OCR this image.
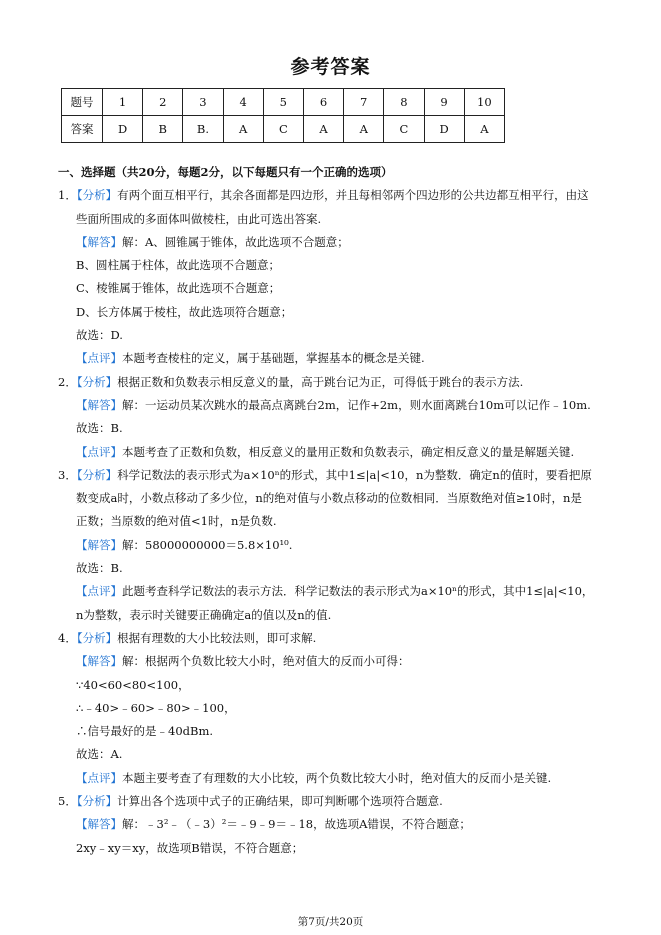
参考答案
题号	1	2	3	4	5	6	7	8	9	10
答案	D	B	B.	A	C	A	A	C	D	A
一、选择题（共20分，每题2分，以下每题只有一个正确的选项）
1．【分析】有两个面互相平行，其余各面都是四边形，并且每相邻两个四边形的公共边都互相平行，由这
些面所围成的多面体叫做棱柱，由此可选出答案.
【解答】解：A、圆锥属于锥体，故此选项不合题意；
B、圆柱属于柱体，故此选项不合题意；
C、棱锥属于锥体，故此选项不合题意；
D、长方体属于棱柱，故此选项符合题意；
故选：D.
【点评】本题考查棱柱的定义，属于基础题，掌握基本的概念是关键.
2．【分析】根据正数和负数表示相反意义的量，高于跳台记为正，可得低于跳台的表示方法.
【解答】解：一运动员某次跳水的最高点离跳台2m，记作+2m，则水面离跳台10m可以记作﹣10m.
故选：B.
【点评】本题考查了正数和负数，相反意义的量用正数和负数表示，确定相反意义的量是解题关键.
3．【分析】科学记数法的表示形式为a×10ⁿ的形式，其中1≤|a|<10，n为整数．确定n的值时，要看把原
数变成a时，小数点移动了多少位，n的绝对值与小数点移动的位数相同．当原数绝对值≥10时，n是
正数；当原数的绝对值<1时，n是负数.
【解答】解：58000000000＝5.8×10¹⁰.
故选：B.
【点评】此题考查科学记数法的表示方法．科学记数法的表示形式为a×10ⁿ的形式，其中1≤|a|<10，
n为整数，表示时关键要正确确定a的值以及n的值.
4．【分析】根据有理数的大小比较法则，即可求解.
【解答】解：根据两个负数比较大小时，绝对值大的反而小可得：
∵40<60<80<100，
∴﹣40>﹣60>﹣80>﹣100，
∴信号最好的是﹣40dBm.
故选：A.
【点评】本题主要考查了有理数的大小比较，两个负数比较大小时，绝对值大的反而小是关键.
5．【分析】计算出各个选项中式子的正确结果，即可判断哪个选项符合题意.
【解答】解：﹣3²﹣（﹣3）²＝﹣9﹣9＝﹣18，故选项A错误，不符合题意；
2xy﹣xy＝xy，故选项B错误，不符合题意；
第7页/共20页
